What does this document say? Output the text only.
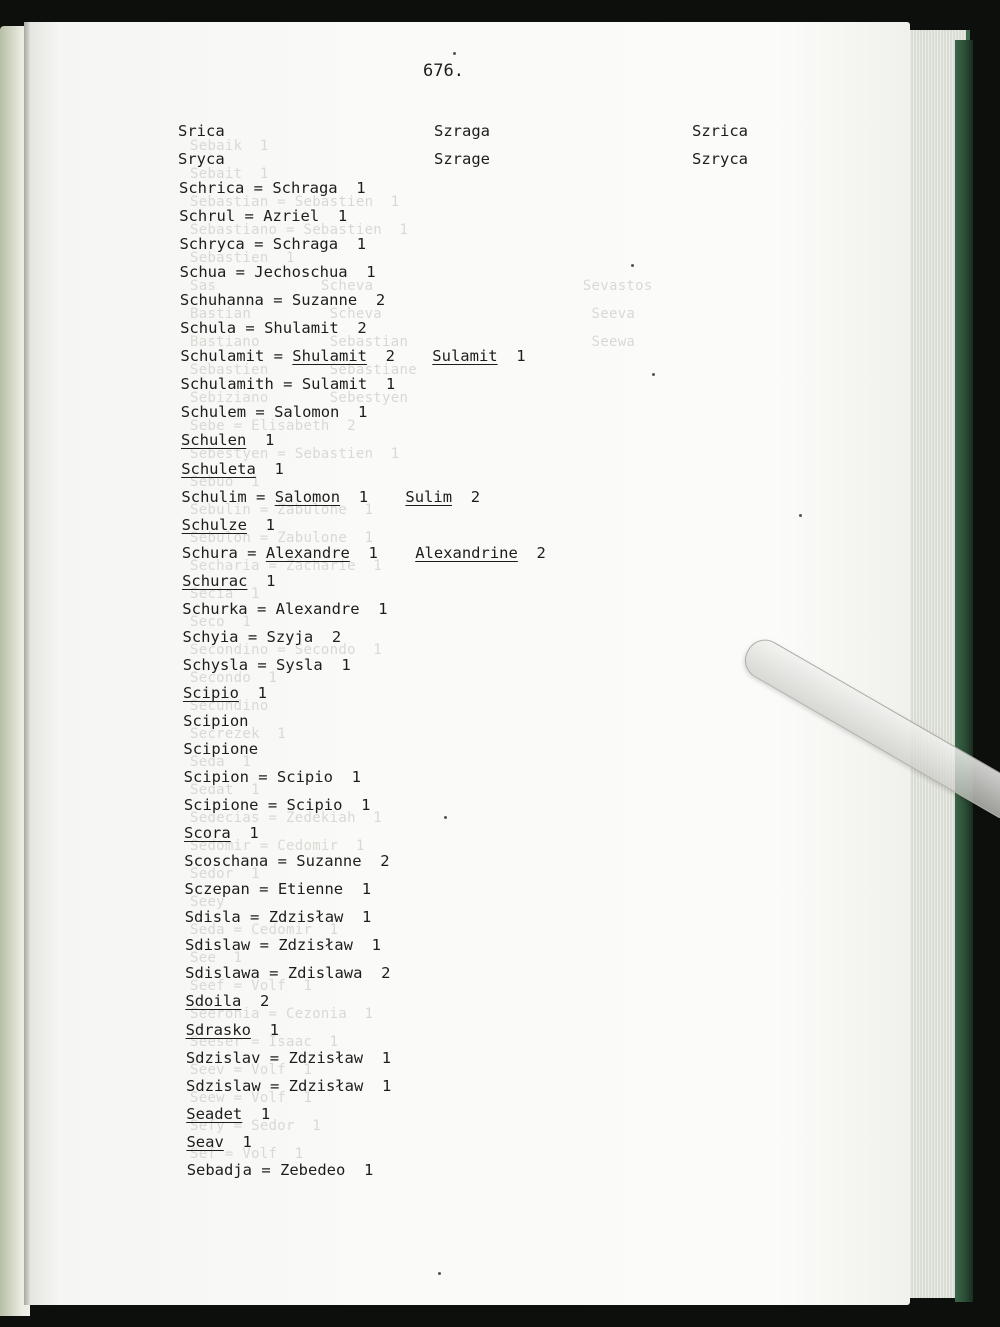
Sebaik  1
Sebait  1
Sebastian = Sebastien  1
Sebastiano = Sebastien  1
Sebastien  1
Sas            Scheva                        Sevastos
Bastian         Scheva                        Seeva
Bastiano        Sebastian                     Seewa
Sebastien       Sebastiane
Sebiziano       Sebestyen
Sebe = Elisabeth  2
Sebestyen = Sebastien  1
Sebuo  1
Sebulin = Zabulone  1
Sebulon = Zabulone  1
Secharia = Zacharie  1
Secia  1
Seco  1
Secondino = Secondo  1
Secondo  1
Secundino
Secrezek  1
Seda  1
Sedat  1
Sedecias = Zedekiah  1
Sedomir = Cedomir  1
Sedor  1
Seey
Seda = Cedomir  1
See  1
Seef = Volf  1
Seeronia = Cezonia  1
Seeser = Isaac  1
Seev = Volf  1
Seew = Volf  1
Sefy = Sedor  1
Sef = Volf  1
676.
Srica	Szraga	Szrica
Sryca	Szrage	Szryca
Schrica = Schraga  1
Schrul = Azriel  1
Schryca = Schraga  1
Schua = Jechoschua  1
Schuhanna = Suzanne  2
Schula = Shulamit  2
Schulamit = Shulamit  2    Sulamit  1
Schulamith = Sulamit  1
Schulem = Salomon  1
Schulen  1
Schuleta  1
Schulim = Salomon  1    Sulim  2
Schulze  1
Schura = Alexandre  1    Alexandrine  2
Schurac  1
Schurka = Alexandre  1
Schyia = Szyja  2
Schysla = Sysla  1
Scipio  1
Scipion
Scipione
Scipion = Scipio  1
Scipione = Scipio  1
Scora  1
Scoschana = Suzanne  2
Sczepan = Etienne  1
Sdisla = Zdzisław  1
Sdislaw = Zdzisław  1
Sdislawa = Zdislawa  2
Sdoila  2
Sdrasko  1
Sdzislav = Zdzisław  1
Sdzislaw = Zdzisław  1
Seadet  1
Seav  1
Sebadja = Zebedeo  1
